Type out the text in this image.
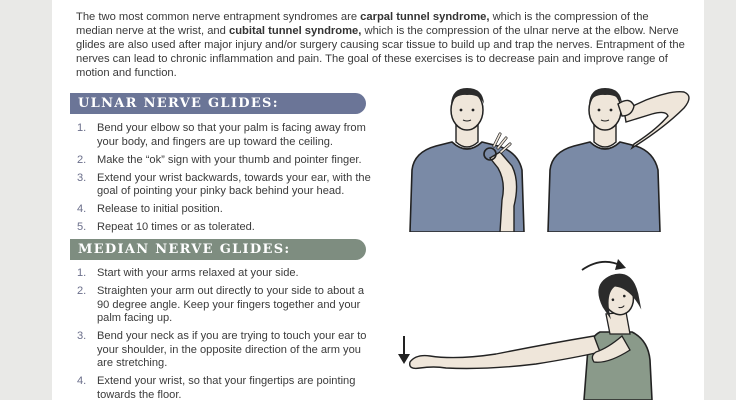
The two most common nerve entrapment syndromes are carpal tunnel syndrome, which is the compression of the median nerve at the wrist, and cubital tunnel syndrome, which is the compression of the ulnar nerve at the elbow. Nerve glides are also used after major injury and/or surgery causing scar tissue to build up and trap the nerves. Entrapment of the nerves can lead to chronic inflammation and pain. The goal of these exercises is to decrease pain and improve range of motion and function.

ULNAR NERVE GLIDES:
1. Bend your elbow so that your palm is facing away from your body, and fingers are up toward the ceiling.
2. Make the “ok” sign with your thumb and pointer finger.
3. Extend your wrist backwards, towards your ear, with the goal of pointing your pinky back behind your head.
4. Release to initial position.
5. Repeat 10 times or as tolerated.
MEDIAN NERVE GLIDES:
1. Start with your arms relaxed at your side.
2. Straighten your arm out directly to your side to about a 90 degree angle. Keep your fingers together and your palm facing up.
3. Bend your neck as if you are trying to touch your ear to your shoulder, in the opposite direction of the arm you are stretching.
4. Extend your wrist, so that your fingertips are pointing towards the floor.
